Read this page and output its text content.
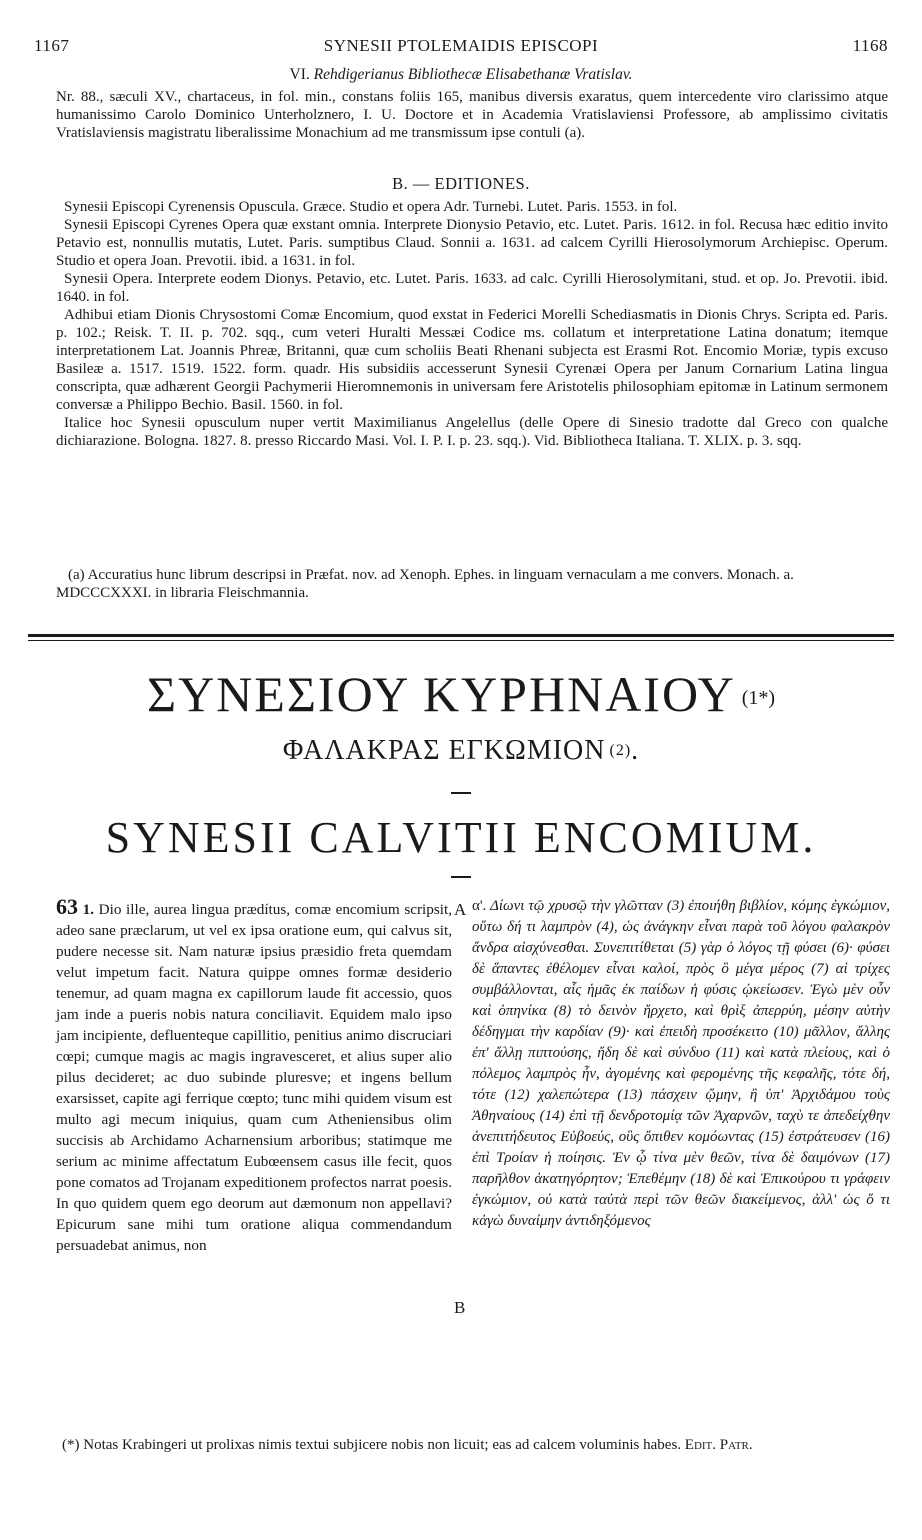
1167	SYNESII PTOLEMAIDIS EPISCOPI	1168
VI. Rehdigerianus Bibliothecæ Elisabethanæ Vratislav.

Nr. 88., sæculi XV., chartaceus, in fol. min., constans foliis 165, manibus diversis exaratus, quem intercedente viro clarissimo atque humanissimo Carolo Dominico Unterholznero, I. U. Doctore et in Academia Vratislaviensi Professore, ab amplissimo civitatis Vratislaviensis magistratu liberalissime Monachium ad me transmissum ipse contuli (a).

B. — EDITIONES.

Synesii Episcopi Cyrenensis Opuscula. Græce. Studio et opera Adr. Turnebi. Lutet. Paris. 1553. in fol.

Synesii Episcopi Cyrenes Opera quæ exstant omnia. Interprete Dionysio Petavio, etc. Lutet. Paris. 1612. in fol. Recusa hæc editio invito Petavio est, nonnullis mutatis, Lutet. Paris. sumptibus Claud. Sonnii a. 1631. ad calcem Cyrilli Hierosolymorum Archiepisc. Operum. Studio et opera Joan. Prevotii. ibid. a 1631. in fol.

Synesii Opera. Interprete eodem Dionys. Petavio, etc. Lutet. Paris. 1633. ad calc. Cyrilli Hierosolymitani, stud. et op. Jo. Prevotii. ibid. 1640. in fol.

Adhibui etiam Dionis Chrysostomi Comæ Encomium, quod exstat in Federici Morelli Schediasmatis in Dionis Chrys. Scripta ed. Paris. p. 102.; Reisk. T. II. p. 702. sqq., cum veteri Huralti Messæi Codice ms. collatum et interpretatione Latina donatum; itemque interpretationem Lat. Joannis Phreæ, Britanni, quæ cum scholiis Beati Rhenani subjecta est Erasmi Rot. Encomio Moriæ, typis excuso Basileæ a. 1517. 1519. 1522. form. quadr. His subsidiis accesserunt Synesii Cyrenæi Opera per Janum Cornarium Latina lingua conscripta, quæ adhærent Georgii Pachymerii Hieromnemonis in universam fere Aristotelis philosophiam epitomæ in Latinum sermonem conversæ a Philippo Bechio. Basil. 1560. in fol.

Italice hoc Synesii opusculum nuper vertit Maximilianus Angelellus (delle Opere di Sinesio tradotte dal Greco con qualche dichiarazione. Bologna. 1827. 8. presso Riccardo Masi. Vol. I. P. I. p. 23. sqq.). Vid. Bibliotheca Italiana. T. XLIX. p. 3. sqq.

(a) Accuratius hunc librum descripsi in Præfat. nov. ad Xenoph. Ephes. in linguam vernaculam a me convers. Monach. a. MDCCCXXXI. in libraria Fleischmannia.

ΣΥΝΕΣΙΟΥ ΚΥΡΗΝΑΙΟΥ $^{(1*)}$
ΦΑΛΑΚΡΑΣ ΕΓΚΩΜΙΟΝ $^{(2)}$.
SYNESII CALVITII ENCOMIUM.

63 1. Dio ille, aurea lingua prædítus, comæ encomium scripsit, adeo sane præclarum, ut vel ex ipsa oratione eum, qui calvus sit, pudere necesse sit. Nam naturæ ipsius præsidio freta quemdam velut impetum facit. Natura quippe omnes formæ desiderio tenemur, ad quam magna ex capillorum laude fit accessio, quos jam inde a pueris nobis natura conciliavit. Equidem malo ipso jam incipiente, defluenteque capillitio, penitius animo discruciari cœpi; cumque magis ac magis ingravesceret, et alius super alio pilus decideret; ac duo subinde pluresve; et ingens bellum exarsisset, capite agi ferrique cœpto; tunc mihi quidem visum est multo agi mecum iniquius, quam cum Atheniensibus olim succisis ab Archidamo Acharnensium arboribus; statimque me serium ac minime affectatum Eubœensem casus ille fecit, quos pone comatos ad Trojanam expeditionem profectos narrat poesis. In quo quidem quem ego deorum aut dæmonum non appellavi? Epicurum sane mihi tum oratione aliqua commendandum persuadebat animus, non

A
B

α'. Δίωνι τῷ χρυσῷ τὴν γλῶτταν (3) ἐποιήθη βιβλίον, κόμης ἐγκώμιον, οὕτω δή τι λαμπρὸν (4), ὡς ἀνάγκην εἶναι παρὰ τοῦ λόγου φαλακρὸν ἄνδρα αἰσχύνεσθαι. Συνεπιτίθεται (5) γὰρ ὁ λόγος τῇ φύσει (6)· φύσει δὲ ἅπαντες ἐθέλομεν εἶναι καλοί, πρὸς ὃ μέγα μέρος (7) αἱ τρίχες συμβάλλονται, αἷς ἡμᾶς ἐκ παίδων ἡ φύσις ᾠκείωσεν. Ἐγὼ μὲν οὖν καὶ ὁπηνίκα (8) τὸ δεινὸν ἤρχετο, καὶ θρὶξ ἀπερρύη, μέσην αὐτὴν δέδηγμαι τὴν καρδίαν (9)· καὶ ἐπειδὴ προσέκειτο (10) μᾶλλον, ἄλλης ἐπ' ἄλλῃ πιπτούσης, ἤδη δὲ καὶ σύνδυο (11) καὶ κατὰ πλείους, καὶ ὁ πόλεμος λαμπρὸς ἦν, ἀγομένης καὶ φερομένης τῆς κεφαλῆς, τότε δή, τότε (12) χαλεπώτερα (13) πάσχειν ᾤμην, ἢ ὑπ' Ἀρχιδάμου τοὺς Ἀθηναίους (14) ἐπὶ τῇ δενδροτομίᾳ τῶν Ἀχαρνῶν, ταχὺ τε ἀπεδείχθην ἀνεπιτήδευτος Εὐβοεύς, οὓς ὄπιθεν κομόωντας (15) ἐστράτευσεν (16) ἐπὶ Τροίαν ἡ ποίησις. Ἐν ᾧ τίνα μὲν θεῶν, τίνα δὲ δαιμόνων (17) παρῆλθον ἀκατηγόρητον; Ἐπεθέμην (18) δὲ καὶ Ἐπικούρου τι γράφειν ἐγκώμιον, οὐ κατὰ ταὐτὰ περὶ τῶν θεῶν διακείμενος, ἀλλ' ὡς ὅ τι κἀγὼ δυναίμην ἀντιδηξόμενος

(*) Notas Krabingeri ut prolixas nimis textui subjicere nobis non licuit; eas ad calcem voluminis habes. Edit. Patr.
